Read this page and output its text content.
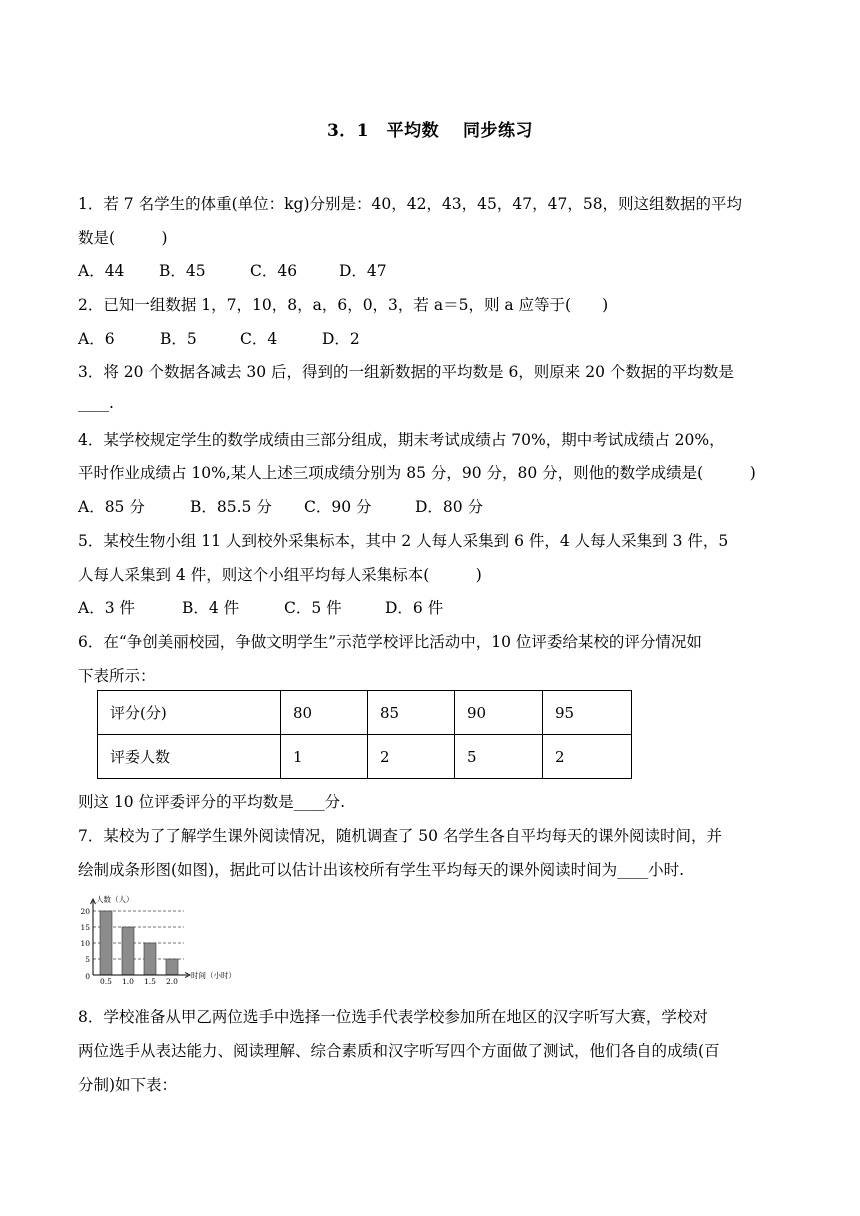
3．1　平均数　 同步练习
1．若 7 名学生的体重(单位：kg)分别是：40，42，43，45，47，47，58，则这组数据的平均
数是(　　　)
A．44 B．45	C．46	D．47
2．已知一组数据 1，7，10，8，a，6，0，3，若 a＝5，则 a 应等于(　　)
A．6	B．5	C．4	D．2
3．将 20 个数据各减去 30 后，得到的一组新数据的平均数是 6，则原来 20 个数据的平均数是
____.
4．某学校规定学生的数学成绩由三部分组成，期末考试成绩占 70%，期中考试成绩占 20%，
平时作业成绩占 10%,某人上述三项成绩分别为 85 分，90 分，80 分，则他的数学成绩是(　　　)
A．85 分	B．85.5 分 C．90 分	D．80 分
5．某校生物小组 11 人到校外采集标本，其中 2 人每人采集到 6 件，4 人每人采集到 3 件，5
人每人采集到 4 件，则这个小组平均每人采集标本(　　　)
A．3 件	B．4 件	C．5 件	D．6 件
6．在“争创美丽校园，争做文明学生”示范学校评比活动中，10 位评委给某校的评分情况如
下表所示：
评分(分)	80	85	90	95
评委人数	1	2	5	2
则这 10 位评委评分的平均数是____分.
7．某校为了了解学生课外阅读情况，随机调查了 50 名学生各自平均每天的课外阅读时间，并
绘制成条形图(如图)，据此可以估计出该校所有学生平均每天的课外阅读时间为____小时.
0.5 1.0 1.5 2.0
0
5
10
15
20
人数（人）
时间（小时）
8．学校准备从甲乙两位选手中选择一位选手代表学校参加所在地区的汉字听写大赛，学校对
两位选手从表达能力、阅读理解、综合素质和汉字听写四个方面做了测试，他们各自的成绩(百
分制)如下表：
